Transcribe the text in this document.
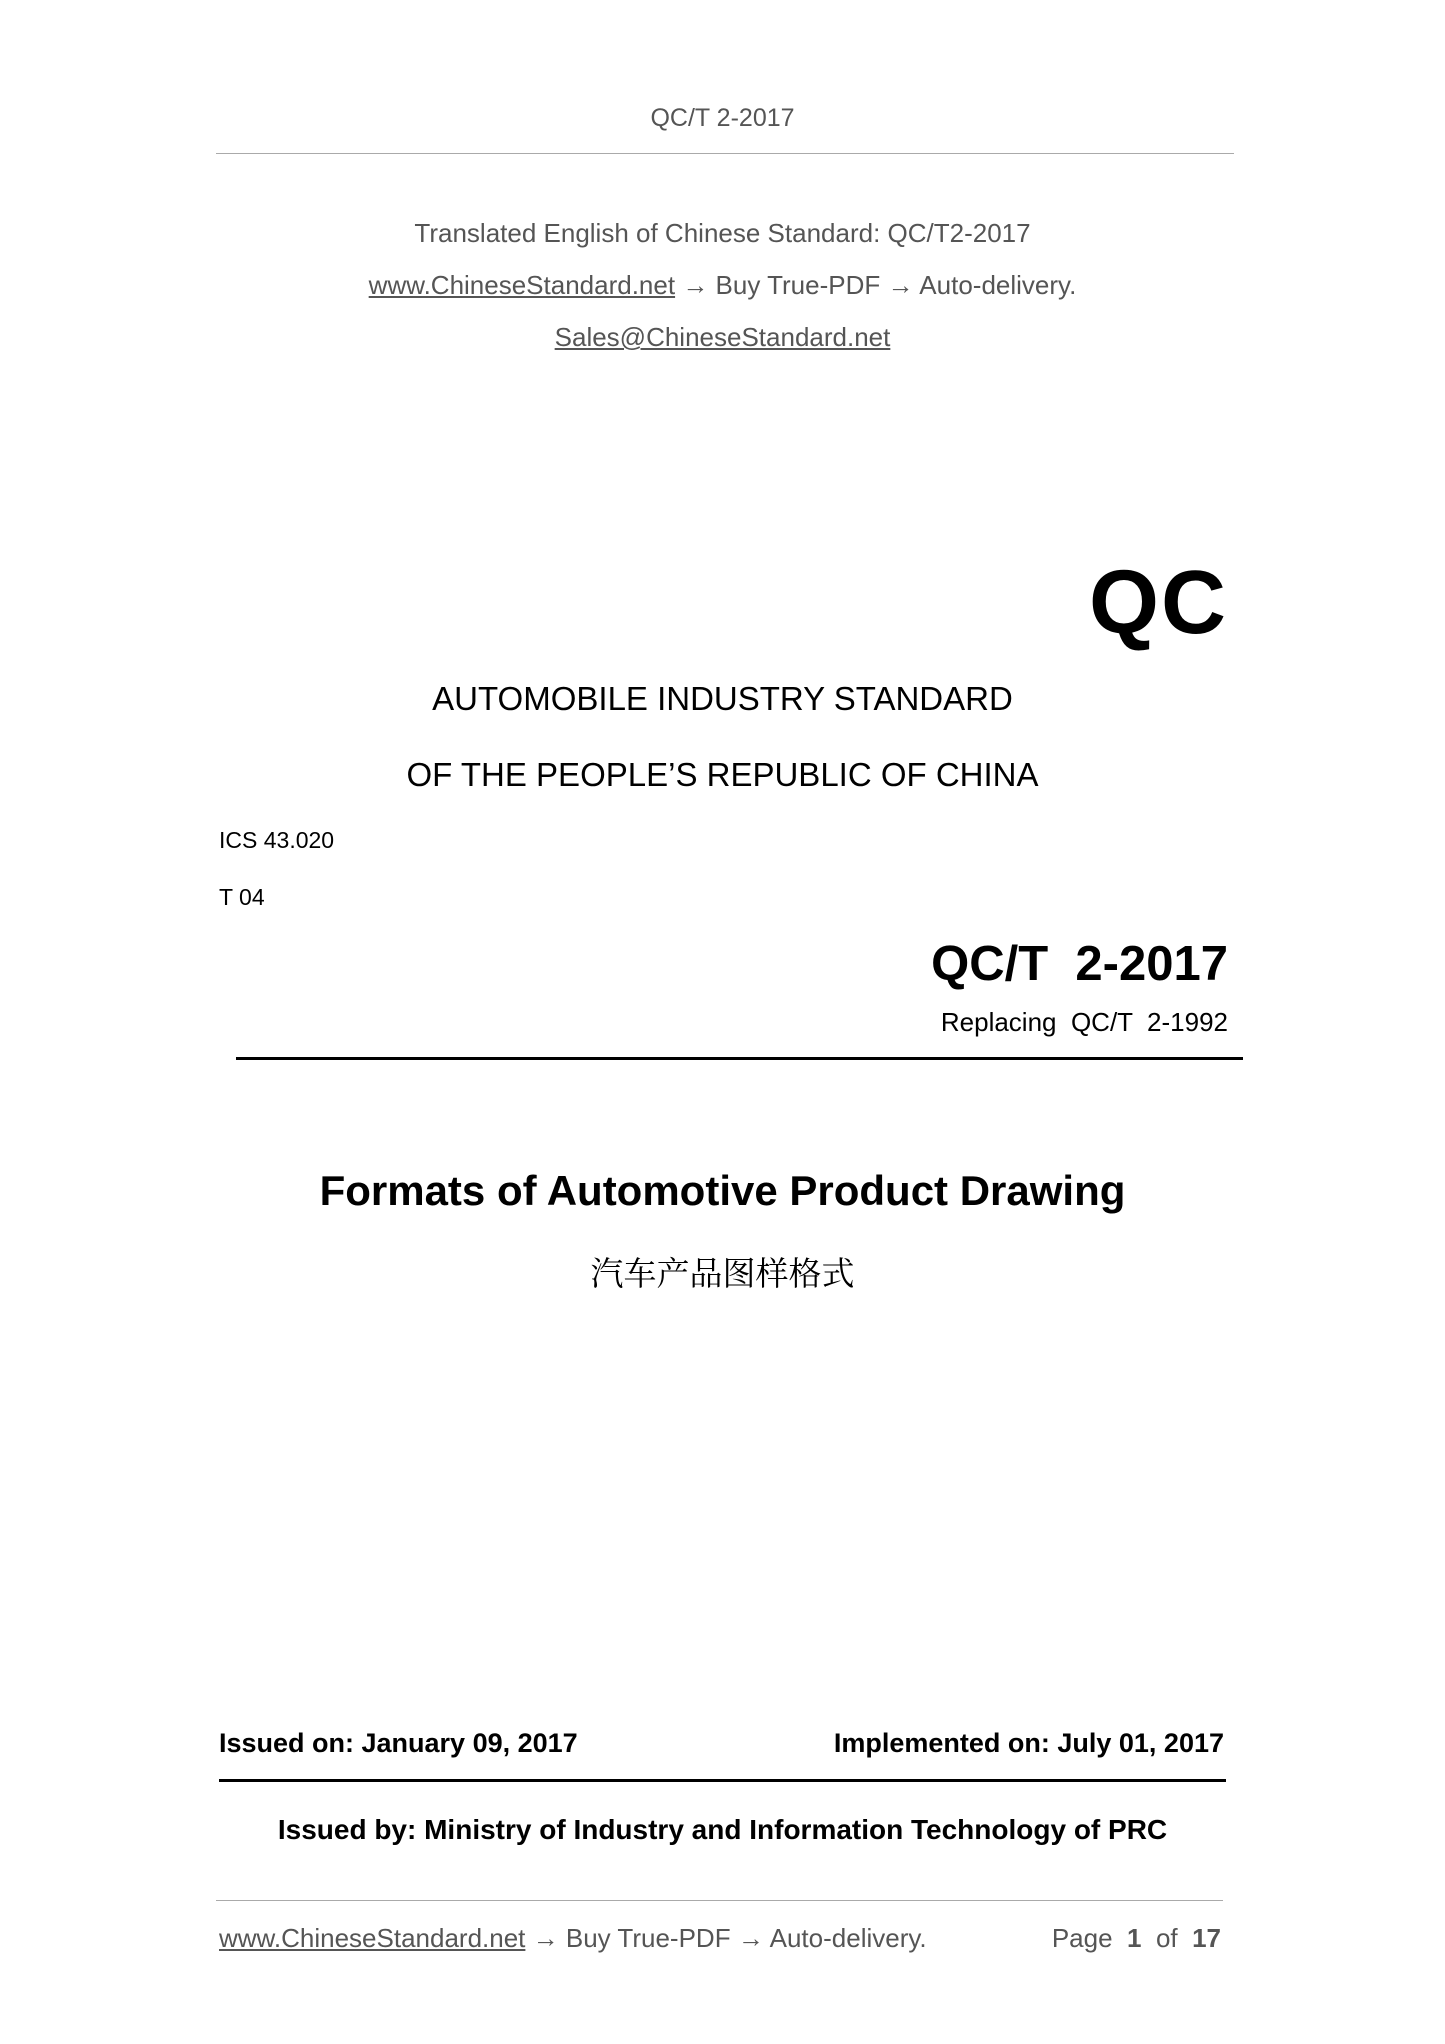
QC/T 2-2017
Translated English of Chinese Standard: QC/T2-2017
www.ChineseStandard.net → Buy True-PDF → Auto-delivery.
Sales@ChineseStandard.net
QC
AUTOMOBILE INDUSTRY STANDARD
OF THE PEOPLE’S REPUBLIC OF CHINA
ICS 43.020
T 04
QC/T  2-2017
Replacing  QC/T  2-1992
Formats of Automotive Product Drawing
汽车产品图样格式
Issued on: January 09, 2017	Implemented on: July 01, 2017
Issued by: Ministry of Industry and Information Technology of PRC
www.ChineseStandard.net → Buy True-PDF → Auto-delivery.	Page 1 of 17
